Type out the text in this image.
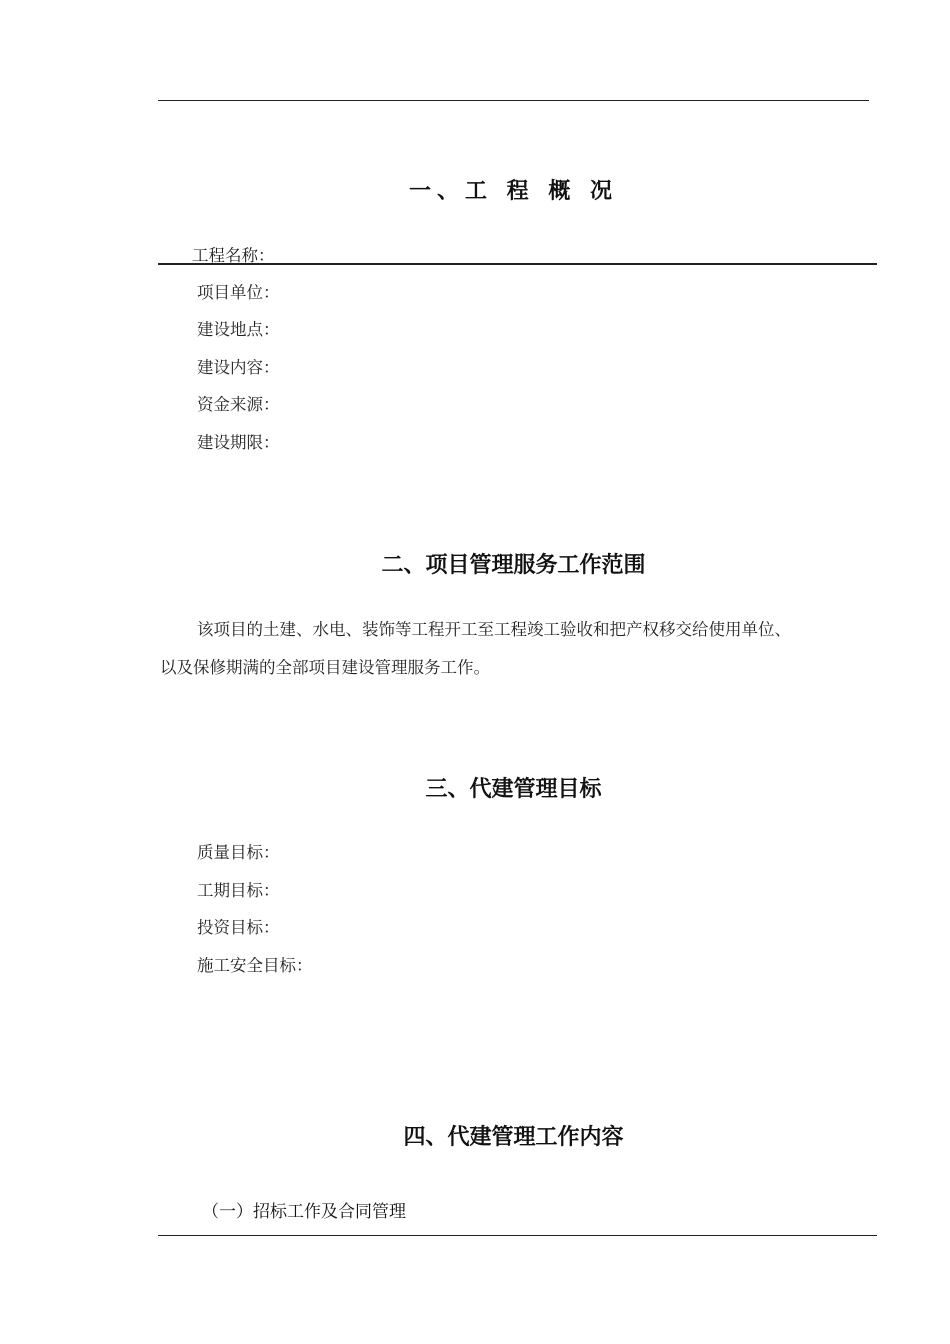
一、工 程 概 况
工程名称：
项目单位：
建设地点：
建设内容：
资金来源：
建设期限：
二、项目管理服务工作范围
该项目的土建、水电、装饰等工程开工至工程竣工验收和把产权移交给使用单位、
以及保修期满的全部项目建设管理服务工作。
三、代建管理目标
质量目标：
工期目标：
投资目标：
施工安全目标：
四、代建管理工作内容
（一）招标工作及合同管理
